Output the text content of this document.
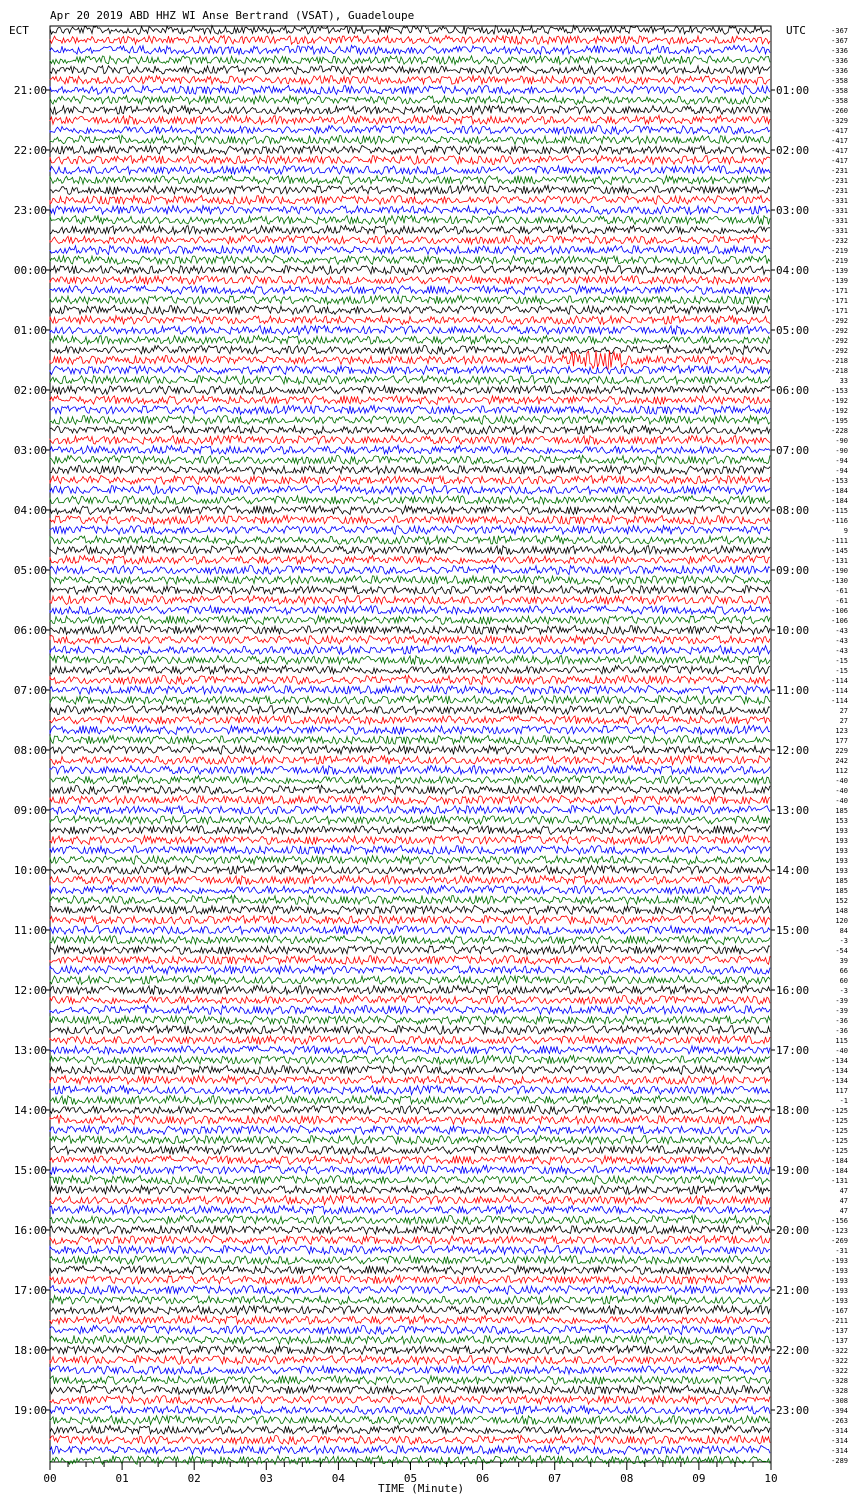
00	01	02	03	04	05	06	07	08	09	10
21:00
22:00
23:00
00:00
01:00
02:00
03:00
04:00
05:00
06:00
07:00
08:00
09:00
10:00
11:00
12:00
13:00
14:00
15:00
16:00
17:00
18:00
19:00
01:00
02:00
03:00
04:00
05:00
06:00
07:00
08:00
09:00
10:00
11:00
12:00
13:00
14:00
15:00
16:00
17:00
18:00
19:00
20:00
21:00
22:00
23:00
-367
-367
-336
-336
-336
-358
-358
-358
-260
-329
-417
-417
-417
-417
-231
-231
-231
-331
-331
-331
-331
-232
-219
-219
-139
-139
-171
-171
-171
-292
-292
-292
-292
-218
-218
33
-153
-192
-192
-195
-228
-90
-90
-94
-94
-153
-184
-184
-115
-116
9
-111
-145
-131
-190
-130
-61
-61
-106
-106
-43
-43
-43
-15
-15
-114
-114
-114
27
27
123
177
229
242
112
-40
-40
-40
185
153
193
193
193
193
193
185
185
152
148
120
84
-3
-54
39
66
60
-3
-39
-39
-36
-36
115
-40
-134
-134
-134
117
-1
-125
-125
-125
-125
-125
-184
-184
-131
47
47
47
-156
-123
-269
-31
-193
-193
-193
-193
-193
-167
-211
-137
-137
-322
-322
-322
-328
-328
-308
-394
-263
-314
-314
-314
-289
Apr 20 2019 ABD HHZ WI Anse Bertrand (VSAT), Guadeloupe
ECT	UTC
TIME (Minute)
